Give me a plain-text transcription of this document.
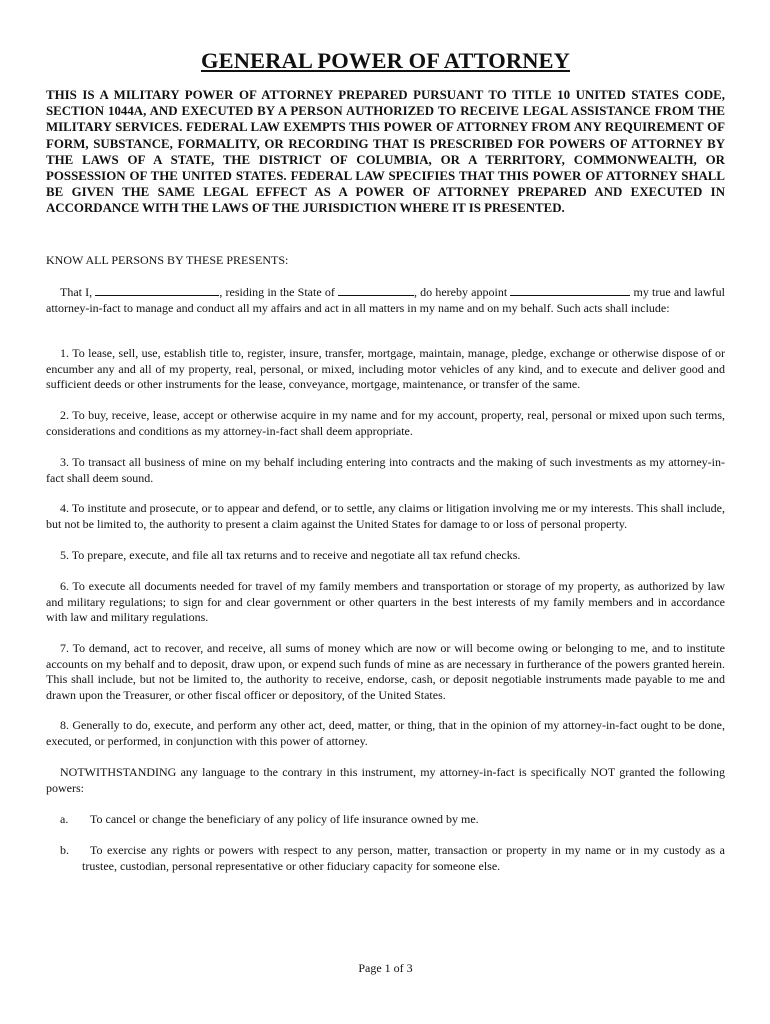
GENERAL POWER OF ATTORNEY
THIS IS A MILITARY POWER OF ATTORNEY PREPARED PURSUANT TO TITLE 10 UNITED STATES CODE, SECTION 1044A, AND EXECUTED BY A PERSON AUTHORIZED TO RECEIVE LEGAL ASSISTANCE FROM THE MILITARY SERVICES. FEDERAL LAW EXEMPTS THIS POWER OF ATTORNEY FROM ANY REQUIREMENT OF FORM, SUBSTANCE, FORMALITY, OR RECORDING THAT IS PRESCRIBED FOR POWERS OF ATTORNEY BY THE LAWS OF A STATE, THE DISTRICT OF COLUMBIA, OR A TERRITORY, COMMONWEALTH, OR POSSESSION OF THE UNITED STATES. FEDERAL LAW SPECIFIES THAT THIS POWER OF ATTORNEY SHALL BE GIVEN THE SAME LEGAL EFFECT AS A POWER OF ATTORNEY PREPARED AND EXECUTED IN ACCORDANCE WITH THE LAWS OF THE JURISDICTION WHERE IT IS PRESENTED.
KNOW ALL PERSONS BY THESE PRESENTS:
That I,	, residing in the State of	, do hereby appoint	my true and lawful attorney-in-fact to manage and conduct all my affairs and act in all matters in my name and on my behalf. Such acts shall include:
1. To lease, sell, use, establish title to, register, insure, transfer, mortgage, maintain, manage, pledge, exchange or otherwise dispose of or encumber any and all of my property, real, personal, or mixed, including motor vehicles of any kind, and to execute and deliver good and sufficient deeds or other instruments for the lease, conveyance, mortgage, maintenance, or transfer of the same.
2. To buy, receive, lease, accept or otherwise acquire in my name and for my account, property, real, personal or mixed upon such terms, considerations and conditions as my attorney-in-fact shall deem appropriate.
3. To transact all business of mine on my behalf including entering into contracts and the making of such investments as my attorney-in-fact shall deem sound.
4. To institute and prosecute, or to appear and defend, or to settle, any claims or litigation involving me or my interests. This shall include, but not be limited to, the authority to present a claim against the United States for damage to or loss of personal property.
5. To prepare, execute, and file all tax returns and to receive and negotiate all tax refund checks.
6. To execute all documents needed for travel of my family members and transportation or storage of my property, as authorized by law and military regulations; to sign for and clear government or other quarters in the best interests of my family members and in accordance with law and military regulations.
7. To demand, act to recover, and receive, all sums of money which are now or will become owing or belonging to me, and to institute accounts on my behalf and to deposit, draw upon, or expend such funds of mine as are necessary in furtherance of the powers granted herein. This shall include, but not be limited to, the authority to receive, endorse, cash, or deposit negotiable instruments made payable to me and drawn upon the Treasurer, or other fiscal officer or depository, of the United States.
8. Generally to do, execute, and perform any other act, deed, matter, or thing, that in the opinion of my attorney-in-fact ought to be done, executed, or performed, in conjunction with this power of attorney.
NOTWITHSTANDING any language to the contrary in this instrument, my attorney-in-fact is specifically NOT granted the following powers:
a.	To cancel or change the beneficiary of any policy of life insurance owned by me.
b.	To exercise any rights or powers with respect to any person, matter, transaction or property in my name or in my custody as a trustee, custodian, personal representative or other fiduciary capacity for someone else.
Page 1 of 3
